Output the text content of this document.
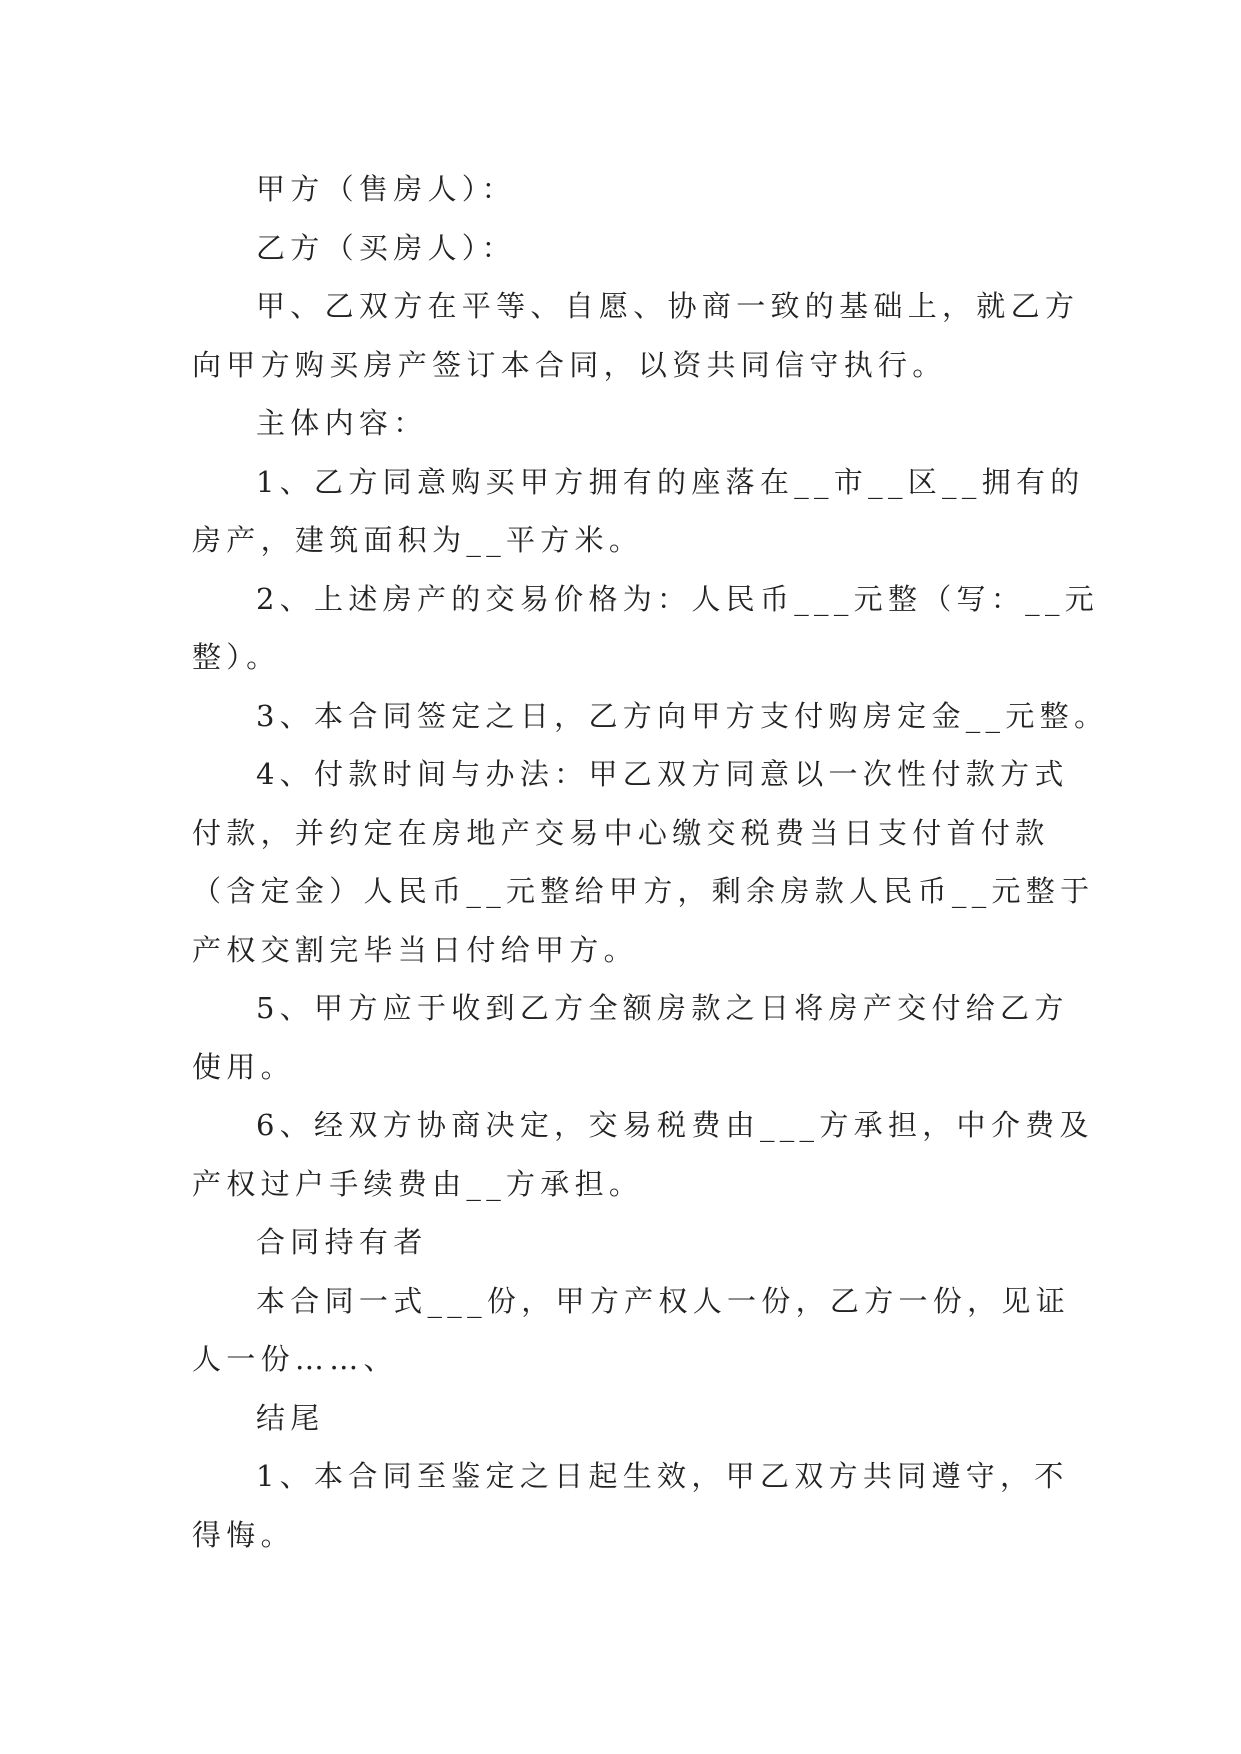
甲方（售房人）：
乙方（买房人）：
甲、乙双方在平等、自愿、协商一致的基础上，就乙方
向甲方购买房产签订本合同，以资共同信守执行。
主体内容：
1、乙方同意购买甲方拥有的座落在__市__区__拥有的
房产，建筑面积为__平方米。
2、上述房产的交易价格为：人民币___元整（写：__元
整）。
3、本合同签定之日，乙方向甲方支付购房定金__元整。
4、付款时间与办法：甲乙双方同意以一次性付款方式
付款，并约定在房地产交易中心缴交税费当日支付首付款
（含定金）人民币__元整给甲方，剩余房款人民币__元整于
产权交割完毕当日付给甲方。
5、甲方应于收到乙方全额房款之日将房产交付给乙方
使用。
6、经双方协商决定，交易税费由___方承担，中介费及
产权过户手续费由__方承担。
合同持有者
本合同一式___份，甲方产权人一份，乙方一份，见证
人一份……、
结尾
1、本合同至鉴定之日起生效，甲乙双方共同遵守，不
得悔。
